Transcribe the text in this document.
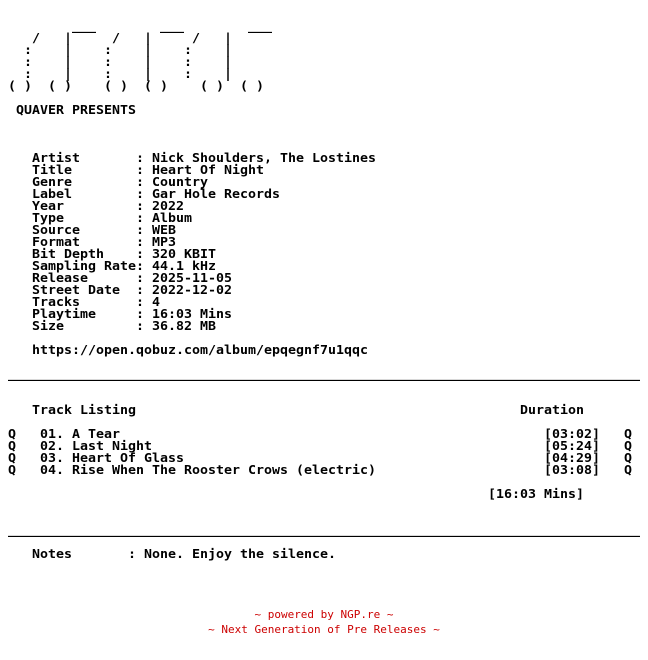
___        ___        ___
/   |     /   |     /   |
:    |    :    |    :    |
:    |    :    |    :    |
:    |    :    |    :    |
( )  ( )    ( )  ( )    ( )  ( )
QUAVER PRESENTS
Artist       : Nick Shoulders, The Lostines
Title        : Heart Of Night
Genre        : Country
Label        : Gar Hole Records
Year         : 2022
Type         : Album
Source       : WEB
Format       : MP3
Bit Depth    : 320 KBIT
Sampling Rate: 44.1 kHz
Release      : 2025-11-05
Street Date  : 2022-12-02
Tracks       : 4
Playtime     : 16:03 Mins
Size         : 36.82 MB
https://open.qobuz.com/album/epqegnf7u1qqc
_______________________________________________________________________________
Track Listing                                                Duration
Q 01. A Tear                                                     [03:02] Q
Q 02. Last Night                                                 [05:24] Q
Q 03. Heart Of Glass                                             [04:29] Q
Q 04. Rise When The Rooster Crows (electric)                     [03:08] Q
[16:03 Mins]
_______________________________________________________________________________
Notes       : None. Enjoy the silence.
~ powered by NGP.re ~
~ Next Generation of Pre Releases ~
